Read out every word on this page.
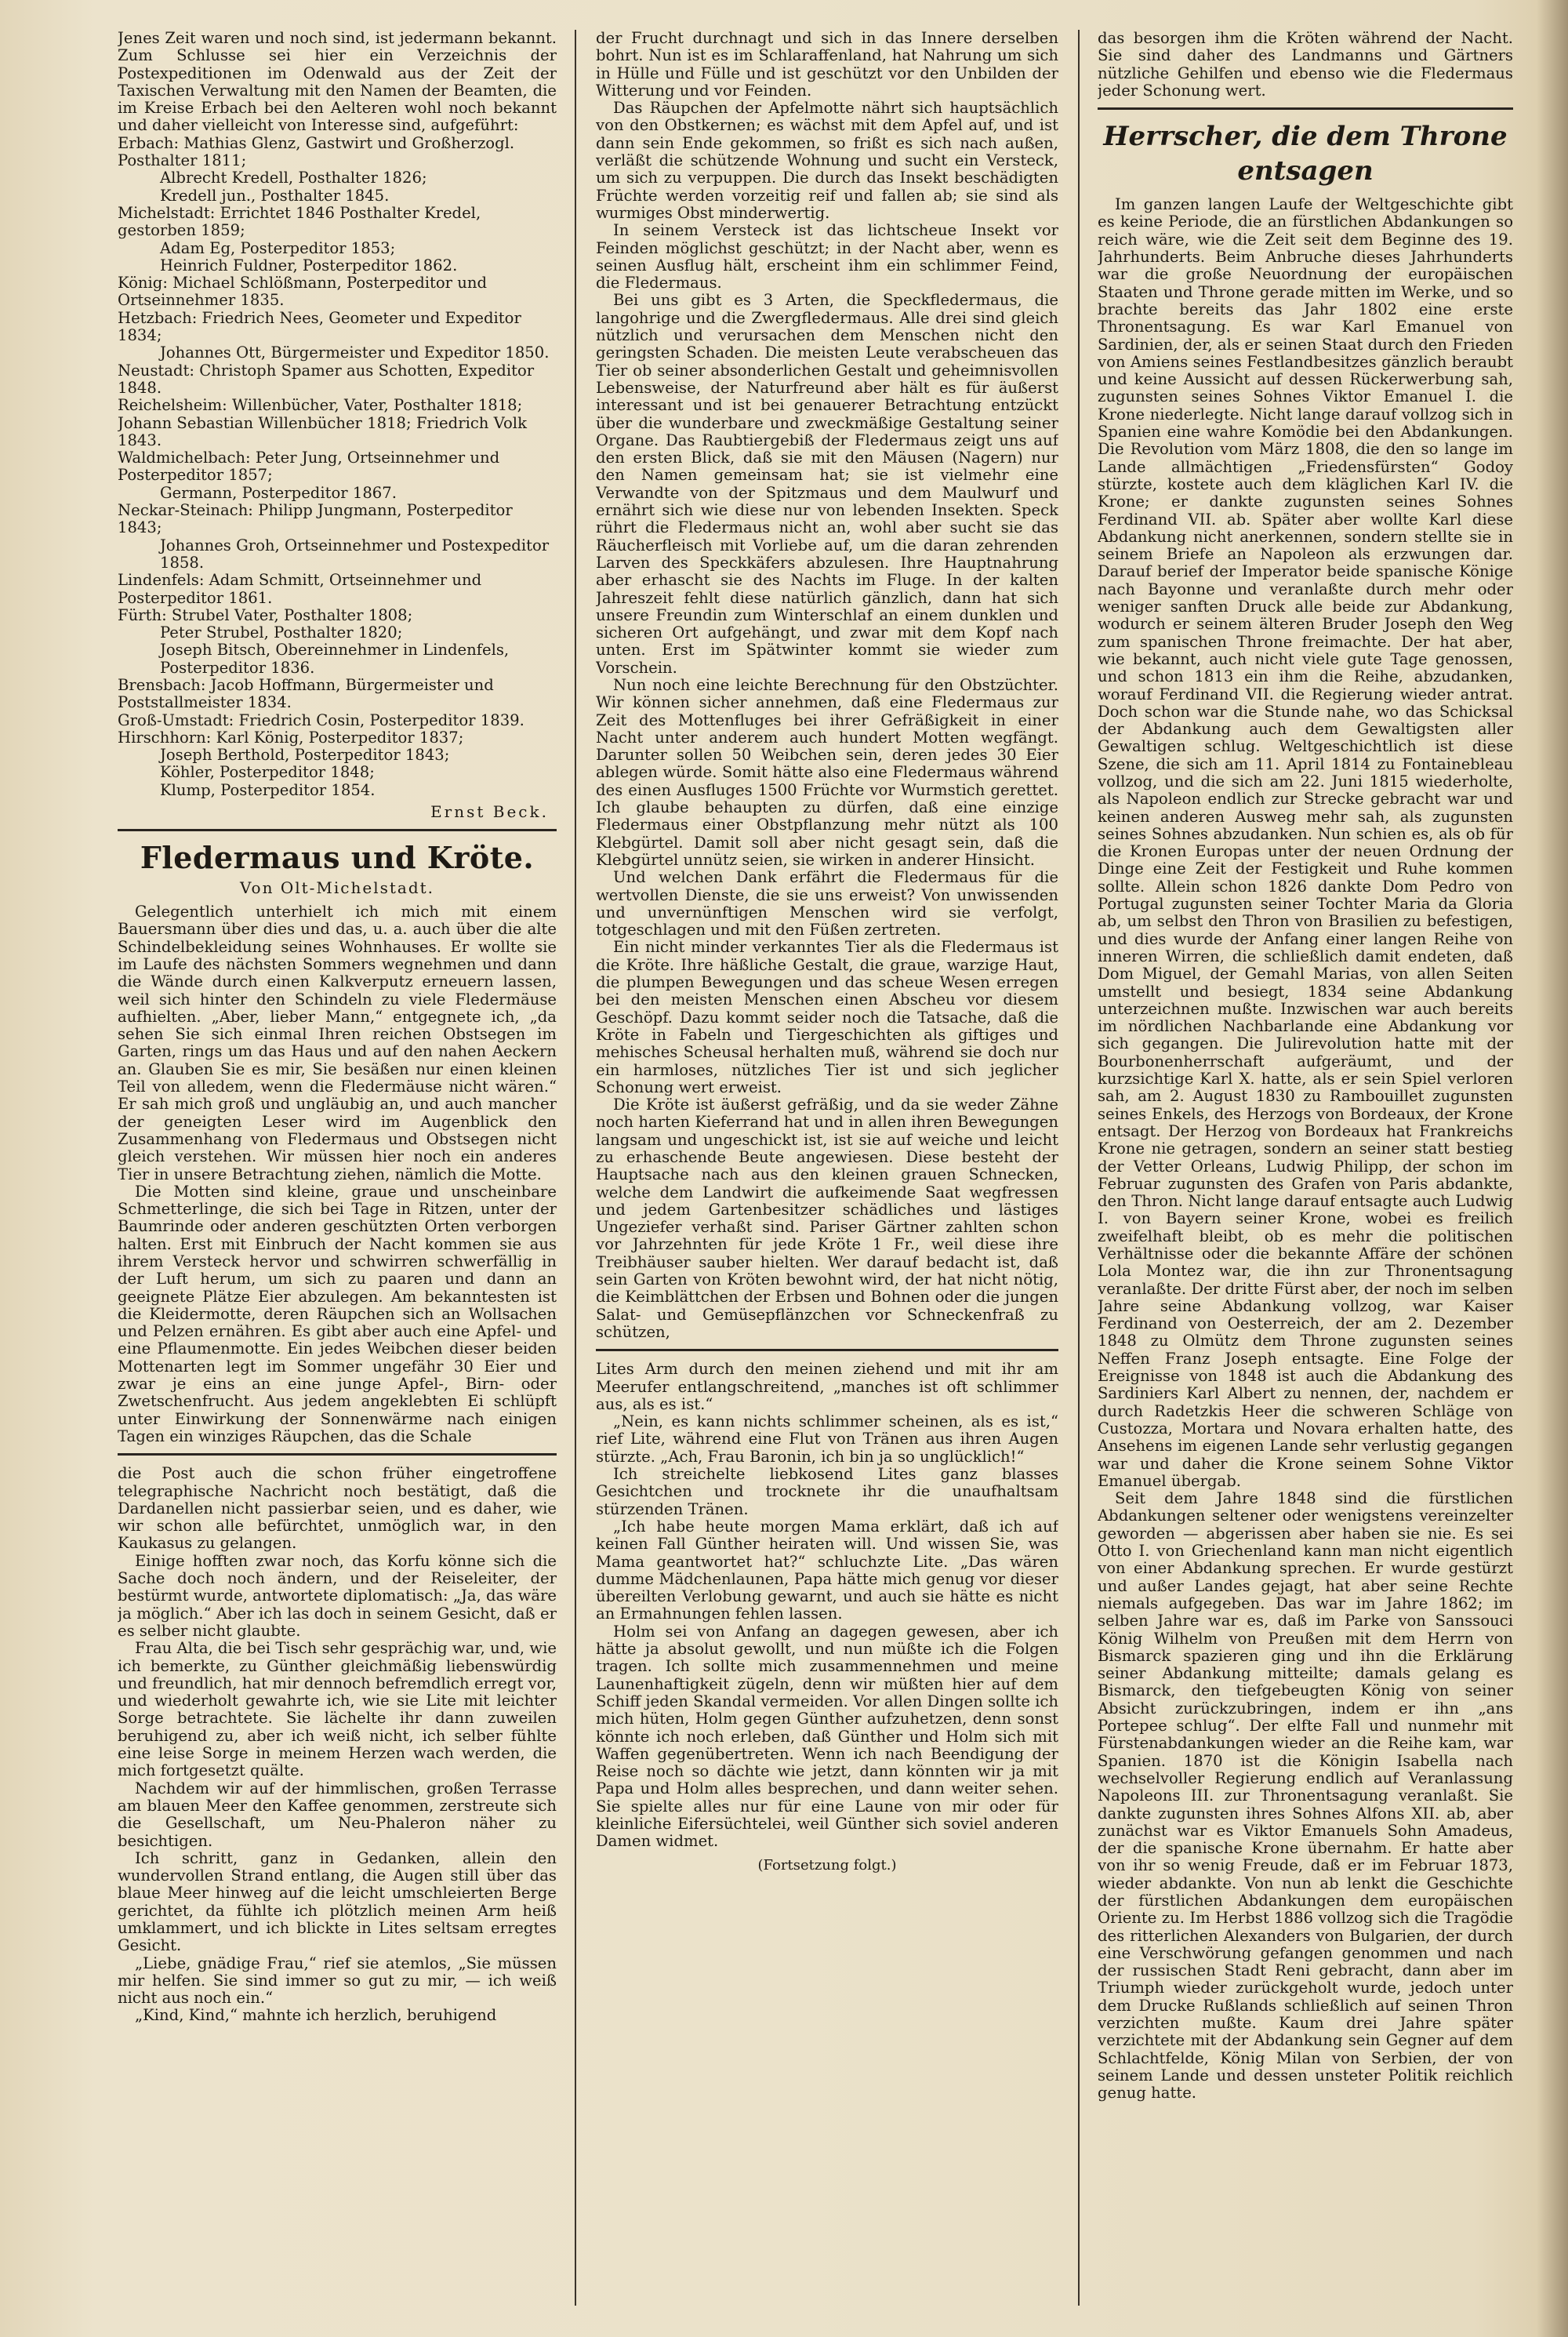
Jenes Zeit waren und noch sind, ist jedermann bekannt. Zum Schlusse sei hier ein Verzeichnis der Postexpeditionen im Odenwald aus der Zeit der Taxischen Verwaltung mit den Namen der Beamten, die im Kreise Erbach bei den Aelteren wohl noch bekannt und daher vielleicht von Interesse sind, aufgeführt:

Erbach: Mathias Glenz, Gastwirt und Großherzogl. Posthalter 1811;
Albrecht Kredell, Posthalter 1826;
Kredell jun., Posthalter 1845.
Michelstadt: Errichtet 1846 Posthalter Kredel, gestorben 1859;
Adam Eg, Posterpeditor 1853;
Heinrich Fuldner, Posterpeditor 1862.
König: Michael Schlößmann, Posterpeditor und Ortseinnehmer 1835.
Hetzbach: Friedrich Nees, Geometer und Expeditor 1834;
Johannes Ott, Bürgermeister und Expeditor 1850.
Neustadt: Christoph Spamer aus Schotten, Expeditor 1848.
Reichelsheim: Willenbücher, Vater, Posthalter 1818; Johann Sebastian Willenbücher 1818; Friedrich Volk 1843.
Waldmichelbach: Peter Jung, Ortseinnehmer und Posterpeditor 1857;
Germann, Posterpeditor 1867.
Neckar-Steinach: Philipp Jungmann, Posterpeditor 1843;
Johannes Groh, Ortseinnehmer und Postexpeditor 1858.
Lindenfels: Adam Schmitt, Ortseinnehmer und Posterpeditor 1861.
Fürth: Strubel Vater, Posthalter 1808;
Peter Strubel, Posthalter 1820;
Joseph Bitsch, Obereinnehmer in Lindenfels, Posterpeditor 1836.
Brensbach: Jacob Hoffmann, Bürgermeister und Poststallmeister 1834.
Groß-Umstadt: Friedrich Cosin, Posterpeditor 1839.
Hirschhorn: Karl König, Posterpeditor 1837;
Joseph Berthold, Posterpeditor 1843;
Köhler, Posterpeditor 1848;
Klump, Posterpeditor 1854.
Ernst Beck.
Fledermaus und Kröte.
Von Olt-Michelstadt.

Gelegentlich unterhielt ich mich mit einem Bauersmann über dies und das, u. a. auch über die alte Schindelbekleidung seines Wohnhauses. Er wollte sie im Laufe des nächsten Sommers wegnehmen und dann die Wände durch einen Kalkverputz erneuern lassen, weil sich hinter den Schindeln zu viele Fledermäuse aufhielten. „Aber, lieber Mann,“ entgegnete ich, „da sehen Sie sich einmal Ihren reichen Obstsegen im Garten, rings um das Haus und auf den nahen Aeckern an. Glauben Sie es mir, Sie besäßen nur einen kleinen Teil von alledem, wenn die Fledermäuse nicht wären.“ Er sah mich groß und ungläubig an, und auch mancher der geneigten Leser wird im Augenblick den Zusammenhang von Fledermaus und Obstsegen nicht gleich verstehen. Wir müssen hier noch ein anderes Tier in unsere Betrachtung ziehen, nämlich die Motte.

Die Motten sind kleine, graue und unscheinbare Schmetterlinge, die sich bei Tage in Ritzen, unter der Baumrinde oder anderen geschützten Orten verborgen halten. Erst mit Einbruch der Nacht kommen sie aus ihrem Versteck hervor und schwirren schwerfällig in der Luft herum, um sich zu paaren und dann an geeignete Plätze Eier abzulegen. Am bekanntesten ist die Kleidermotte, deren Räupchen sich an Wollsachen und Pelzen ernähren. Es gibt aber auch eine Apfel- und eine Pflaumenmotte. Ein jedes Weibchen dieser beiden Mottenarten legt im Sommer ungefähr 30 Eier und zwar je eins an eine junge Apfel-, Birn- oder Zwetschenfrucht. Aus jedem angeklebten Ei schlüpft unter Einwirkung der Sonnenwärme nach einigen Tagen ein winziges Räupchen, das die Schale

die Post auch die schon früher eingetroffene telegraphische Nachricht noch bestätigt, daß die Dardanellen nicht passierbar seien, und es daher, wie wir schon alle befürchtet, unmöglich war, in den Kaukasus zu gelangen.

Einige hofften zwar noch, das Korfu könne sich die Sache doch noch ändern, und der Reiseleiter, der bestürmt wurde, antwortete diplomatisch: „Ja, das wäre ja möglich.“ Aber ich las doch in seinem Gesicht, daß er es selber nicht glaubte.

Frau Alta, die bei Tisch sehr gesprächig war, und, wie ich bemerkte, zu Günther gleichmäßig liebenswürdig und freundlich, hat mir dennoch befremdlich erregt vor, und wiederholt gewahrte ich, wie sie Lite mit leichter Sorge betrachtete. Sie lächelte ihr dann zuweilen beruhigend zu, aber ich weiß nicht, ich selber fühlte eine leise Sorge in meinem Herzen wach werden, die mich fortgesetzt quälte.

Nachdem wir auf der himmlischen, großen Terrasse am blauen Meer den Kaffee genommen, zerstreute sich die Gesellschaft, um Neu-Phaleron näher zu besichtigen.

Ich schritt, ganz in Gedanken, allein den wundervollen Strand entlang, die Augen still über das blaue Meer hinweg auf die leicht umschleierten Berge gerichtet, da fühlte ich plötzlich meinen Arm heiß umklammert, und ich blickte in Lites seltsam erregtes Gesicht.

„Liebe, gnädige Frau,“ rief sie atemlos, „Sie müssen mir helfen. Sie sind immer so gut zu mir, — ich weiß nicht aus noch ein.“

„Kind, Kind,“ mahnte ich herzlich, beruhigend

der Frucht durchnagt und sich in das Innere derselben bohrt. Nun ist es im Schlaraffenland, hat Nahrung um sich in Hülle und Fülle und ist geschützt vor den Unbilden der Witterung und vor Feinden.

Das Räupchen der Apfelmotte nährt sich hauptsächlich von den Obstkernen; es wächst mit dem Apfel auf, und ist dann sein Ende gekommen, so frißt es sich nach außen, verläßt die schützende Wohnung und sucht ein Versteck, um sich zu verpuppen. Die durch das Insekt beschädigten Früchte werden vorzeitig reif und fallen ab; sie sind als wurmiges Obst minderwertig.

In seinem Versteck ist das lichtscheue Insekt vor Feinden möglichst geschützt; in der Nacht aber, wenn es seinen Ausflug hält, erscheint ihm ein schlimmer Feind, die Fledermaus.

Bei uns gibt es 3 Arten, die Speckfledermaus, die langohrige und die Zwergfledermaus. Alle drei sind gleich nützlich und verursachen dem Menschen nicht den geringsten Schaden. Die meisten Leute verabscheuen das Tier ob seiner absonderlichen Gestalt und geheimnisvollen Lebensweise, der Naturfreund aber hält es für äußerst interessant und ist bei genauerer Betrachtung entzückt über die wunderbare und zweckmäßige Gestaltung seiner Organe. Das Raubtiergebiß der Fledermaus zeigt uns auf den ersten Blick, daß sie mit den Mäusen (Nagern) nur den Namen gemeinsam hat; sie ist vielmehr eine Verwandte von der Spitzmaus und dem Maulwurf und ernährt sich wie diese nur von lebenden Insekten. Speck rührt die Fledermaus nicht an, wohl aber sucht sie das Räucherfleisch mit Vorliebe auf, um die daran zehrenden Larven des Speckkäfers abzulesen. Ihre Hauptnahrung aber erhascht sie des Nachts im Fluge. In der kalten Jahreszeit fehlt diese natürlich gänzlich, dann hat sich unsere Freundin zum Winterschlaf an einem dunklen und sicheren Ort aufgehängt, und zwar mit dem Kopf nach unten. Erst im Spätwinter kommt sie wieder zum Vorschein.

Nun noch eine leichte Berechnung für den Obstzüchter. Wir können sicher annehmen, daß eine Fledermaus zur Zeit des Mottenfluges bei ihrer Gefräßigkeit in einer Nacht unter anderem auch hundert Motten wegfängt. Darunter sollen 50 Weibchen sein, deren jedes 30 Eier ablegen würde. Somit hätte also eine Fledermaus während des einen Ausfluges 1500 Früchte vor Wurmstich gerettet. Ich glaube behaupten zu dürfen, daß eine einzige Fledermaus einer Obstpflanzung mehr nützt als 100 Klebgürtel. Damit soll aber nicht gesagt sein, daß die Klebgürtel unnütz seien, sie wirken in anderer Hinsicht.

Und welchen Dank erfährt die Fledermaus für die wertvollen Dienste, die sie uns erweist? Von unwissenden und unvernünftigen Menschen wird sie verfolgt, totgeschlagen und mit den Füßen zertreten.

Ein nicht minder verkanntes Tier als die Fledermaus ist die Kröte. Ihre häßliche Gestalt, die graue, warzige Haut, die plumpen Bewegungen und das scheue Wesen erregen bei den meisten Menschen einen Abscheu vor diesem Geschöpf. Dazu kommt seider noch die Tatsache, daß die Kröte in Fabeln und Tiergeschichten als giftiges und mehisches Scheusal herhalten muß, während sie doch nur ein harmloses, nützliches Tier ist und sich jeglicher Schonung wert erweist.

Die Kröte ist äußerst gefräßig, und da sie weder Zähne noch harten Kieferrand hat und in allen ihren Bewegungen langsam und ungeschickt ist, ist sie auf weiche und leicht zu erhaschende Beute angewiesen. Diese besteht der Hauptsache nach aus den kleinen grauen Schnecken, welche dem Landwirt die aufkeimende Saat wegfressen und jedem Gartenbesitzer schädliches und lästiges Ungeziefer verhaßt sind. Pariser Gärtner zahlten schon vor Jahrzehnten für jede Kröte 1 Fr., weil diese ihre Treibhäuser sauber hielten. Wer darauf bedacht ist, daß sein Garten von Kröten bewohnt wird, der hat nicht nötig, die Keimblättchen der Erbsen und Bohnen oder die jungen Salat- und Gemüsepflänzchen vor Schneckenfraß zu schützen,

Lites Arm durch den meinen ziehend und mit ihr am Meerufer entlangschreitend, „manches ist oft schlimmer aus, als es ist.“

„Nein, es kann nichts schlimmer scheinen, als es ist,“ rief Lite, während eine Flut von Tränen aus ihren Augen stürzte. „Ach, Frau Baronin, ich bin ja so unglücklich!“

Ich streichelte liebkosend Lites ganz blasses Gesichtchen und trocknete ihr die unaufhaltsam stürzenden Tränen.

„Ich habe heute morgen Mama erklärt, daß ich auf keinen Fall Günther heiraten will. Und wissen Sie, was Mama geantwortet hat?“ schluchzte Lite. „Das wären dumme Mädchenlaunen, Papa hätte mich genug vor dieser übereilten Verlobung gewarnt, und auch sie hätte es nicht an Ermahnungen fehlen lassen.

Holm sei von Anfang an dagegen gewesen, aber ich hätte ja absolut gewollt, und nun müßte ich die Folgen tragen. Ich sollte mich zusammennehmen und meine Launenhaftigkeit zügeln, denn wir müßten hier auf dem Schiff jeden Skandal vermeiden. Vor allen Dingen sollte ich mich hüten, Holm gegen Günther aufzuhetzen, denn sonst könnte ich noch erleben, daß Günther und Holm sich mit Waffen gegenübertreten. Wenn ich nach Beendigung der Reise noch so dächte wie jetzt, dann könnten wir ja mit Papa und Holm alles besprechen, und dann weiter sehen. Sie spielte alles nur für eine Laune von mir oder für kleinliche Eifersüchtelei, weil Günther sich soviel anderen Damen widmet.

(Fortsetzung folgt.)

das besorgen ihm die Kröten während der Nacht. Sie sind daher des Landmanns und Gärtners nützliche Gehilfen und ebenso wie die Fledermaus jeder Schonung wert.

Herrscher, die dem Throne entsagen

Im ganzen langen Laufe der Weltgeschichte gibt es keine Periode, die an fürstlichen Abdankungen so reich wäre, wie die Zeit seit dem Beginne des 19. Jahrhunderts. Beim Anbruche dieses Jahrhunderts war die große Neuordnung der europäischen Staaten und Throne gerade mitten im Werke, und so brachte bereits das Jahr 1802 eine erste Thronentsagung. Es war Karl Emanuel von Sardinien, der, als er seinen Staat durch den Frieden von Amiens seines Festlandbesitzes gänzlich beraubt und keine Aussicht auf dessen Rückerwerbung sah, zugunsten seines Sohnes Viktor Emanuel I. die Krone niederlegte. Nicht lange darauf vollzog sich in Spanien eine wahre Komödie bei den Abdankungen. Die Revolution vom März 1808, die den so lange im Lande allmächtigen „Friedensfürsten“ Godoy stürzte, kostete auch dem kläglichen Karl IV. die Krone; er dankte zugunsten seines Sohnes Ferdinand VII. ab. Später aber wollte Karl diese Abdankung nicht anerkennen, sondern stellte sie in seinem Briefe an Napoleon als erzwungen dar. Darauf berief der Imperator beide spanische Könige nach Bayonne und veranlaßte durch mehr oder weniger sanften Druck alle beide zur Abdankung, wodurch er seinem älteren Bruder Joseph den Weg zum spanischen Throne freimachte. Der hat aber, wie bekannt, auch nicht viele gute Tage genossen, und schon 1813 ein ihm die Reihe, abzudanken, worauf Ferdinand VII. die Regierung wieder antrat. Doch schon war die Stunde nahe, wo das Schicksal der Abdankung auch dem Gewaltigsten aller Gewaltigen schlug. Weltgeschichtlich ist diese Szene, die sich am 11. April 1814 zu Fontainebleau vollzog, und die sich am 22. Juni 1815 wiederholte, als Napoleon endlich zur Strecke gebracht war und keinen anderen Ausweg mehr sah, als zugunsten seines Sohnes abzudanken. Nun schien es, als ob für die Kronen Europas unter der neuen Ordnung der Dinge eine Zeit der Festigkeit und Ruhe kommen sollte. Allein schon 1826 dankte Dom Pedro von Portugal zugunsten seiner Tochter Maria da Gloria ab, um selbst den Thron von Brasilien zu befestigen, und dies wurde der Anfang einer langen Reihe von inneren Wirren, die schließlich damit endeten, daß Dom Miguel, der Gemahl Marias, von allen Seiten umstellt und besiegt, 1834 seine Abdankung unterzeichnen mußte. Inzwischen war auch bereits im nördlichen Nachbarlande eine Abdankung vor sich gegangen. Die Julirevolution hatte mit der Bourbonenherrschaft aufgeräumt, und der kurzsichtige Karl X. hatte, als er sein Spiel verloren sah, am 2. August 1830 zu Rambouillet zugunsten seines Enkels, des Herzogs von Bordeaux, der Krone entsagt. Der Herzog von Bordeaux hat Frankreichs Krone nie getragen, sondern an seiner statt bestieg der Vetter Orleans, Ludwig Philipp, der schon im Februar zugunsten des Grafen von Paris abdankte, den Thron. Nicht lange darauf entsagte auch Ludwig I. von Bayern seiner Krone, wobei es freilich zweifelhaft bleibt, ob es mehr die politischen Verhältnisse oder die bekannte Affäre der schönen Lola Montez war, die ihn zur Thronentsagung veranlaßte. Der dritte Fürst aber, der noch im selben Jahre seine Abdankung vollzog, war Kaiser Ferdinand von Oesterreich, der am 2. Dezember 1848 zu Olmütz dem Throne zugunsten seines Neffen Franz Joseph entsagte. Eine Folge der Ereignisse von 1848 ist auch die Abdankung des Sardiniers Karl Albert zu nennen, der, nachdem er durch Radetzkis Heer die schweren Schläge von Custozza, Mortara und Novara erhalten hatte, des Ansehens im eigenen Lande sehr verlustig gegangen war und daher die Krone seinem Sohne Viktor Emanuel übergab.

Seit dem Jahre 1848 sind die fürstlichen Abdankungen seltener oder wenigstens vereinzelter geworden — abgerissen aber haben sie nie. Es sei Otto I. von Griechenland kann man nicht eigentlich von einer Abdankung sprechen. Er wurde gestürzt und außer Landes gejagt, hat aber seine Rechte niemals aufgegeben. Das war im Jahre 1862; im selben Jahre war es, daß im Parke von Sanssouci König Wilhelm von Preußen mit dem Herrn von Bismarck spazieren ging und ihn die Erklärung seiner Abdankung mitteilte; damals gelang es Bismarck, den tiefgebeugten König von seiner Absicht zurückzubringen, indem er ihn „ans Portepee schlug“. Der elfte Fall und nunmehr mit Fürstenabdankungen wieder an die Reihe kam, war Spanien. 1870 ist die Königin Isabella nach wechselvoller Regierung endlich auf Veranlassung Napoleons III. zur Thronentsagung veranlaßt. Sie dankte zugunsten ihres Sohnes Alfons XII. ab, aber zunächst war es Viktor Emanuels Sohn Amadeus, der die spanische Krone übernahm. Er hatte aber von ihr so wenig Freude, daß er im Februar 1873, wieder abdankte. Von nun ab lenkt die Geschichte der fürstlichen Abdankungen dem europäischen Oriente zu. Im Herbst 1886 vollzog sich die Tragödie des ritterlichen Alexanders von Bulgarien, der durch eine Verschwörung gefangen genommen und nach der russischen Stadt Reni gebracht, dann aber im Triumph wieder zurückgeholt wurde, jedoch unter dem Drucke Rußlands schließlich auf seinen Thron verzichten mußte. Kaum drei Jahre später verzichtete mit der Abdankung sein Gegner auf dem Schlachtfelde, König Milan von Serbien, der von seinem Lande und dessen unsteter Politik reichlich genug hatte.
